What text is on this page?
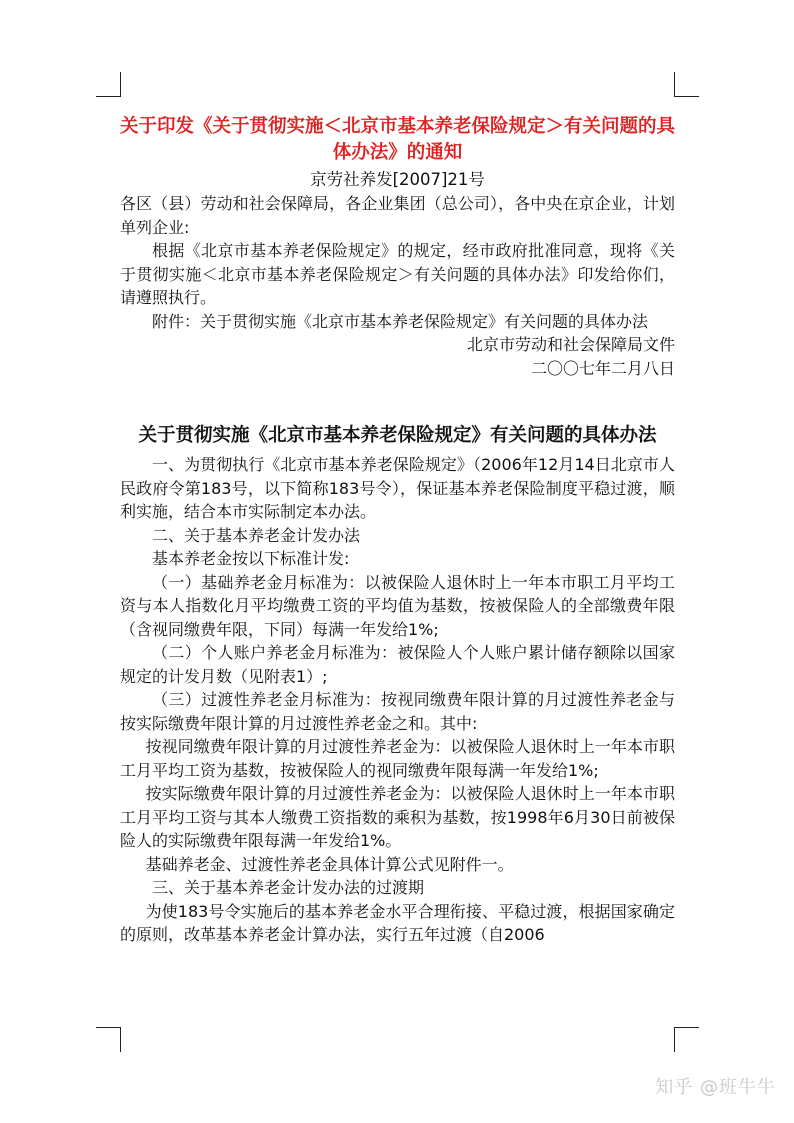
关于印发《关于贯彻实施＜北京市基本养老保险规定＞有关问题的具体办法》的通知
京劳社养发[2007]21号

各区（县）劳动和社会保障局，各企业集团（总公司），各中央在京企业，计划单列企业:

根据《北京市基本养老保险规定》的规定，经市政府批准同意，现将《关于贯彻实施＜北京市基本养老保险规定＞有关问题的具体办法》印发给你们，请遵照执行。

附件：关于贯彻实施《北京市基本养老保险规定》有关问题的具体办法

北京市劳动和社会保障局文件

二〇〇七年二月八日

关于贯彻实施《北京市基本养老保险规定》有关问题的具体办法

一、为贯彻执行《北京市基本养老保险规定》（2006年12月14日北京市人民政府令第183号，以下简称183号令），保证基本养老保险制度平稳过渡，顺利实施，结合本市实际制定本办法。

二、关于基本养老金计发办法

基本养老金按以下标准计发:

（一）基础养老金月标准为：以被保险人退休时上一年本市职工月平均工资与本人指数化月平均缴费工资的平均值为基数，按被保险人的全部缴费年限（含视同缴费年限，下同）每满一年发给1%;

（二）个人账户养老金月标准为：被保险人个人账户累计储存额除以国家规定的计发月数（见附表1）;

（三）过渡性养老金月标准为：按视同缴费年限计算的月过渡性养老金与按实际缴费年限计算的月过渡性养老金之和。其中:

按视同缴费年限计算的月过渡性养老金为：以被保险人退休时上一年本市职工月平均工资为基数，按被保险人的视同缴费年限每满一年发给1%;

按实际缴费年限计算的月过渡性养老金为：以被保险人退休时上一年本市职工月平均工资与其本人缴费工资指数的乘积为基数，按1998年6月30日前被保险人的实际缴费年限每满一年发给1%。

基础养老金、过渡性养老金具体计算公式见附件一。

三、关于基本养老金计发办法的过渡期

为使183号令实施后的基本养老金水平合理衔接、平稳过渡，根据国家确定的原则，改革基本养老金计算办法，实行五年过渡（自2006

知乎 @班牛牛
